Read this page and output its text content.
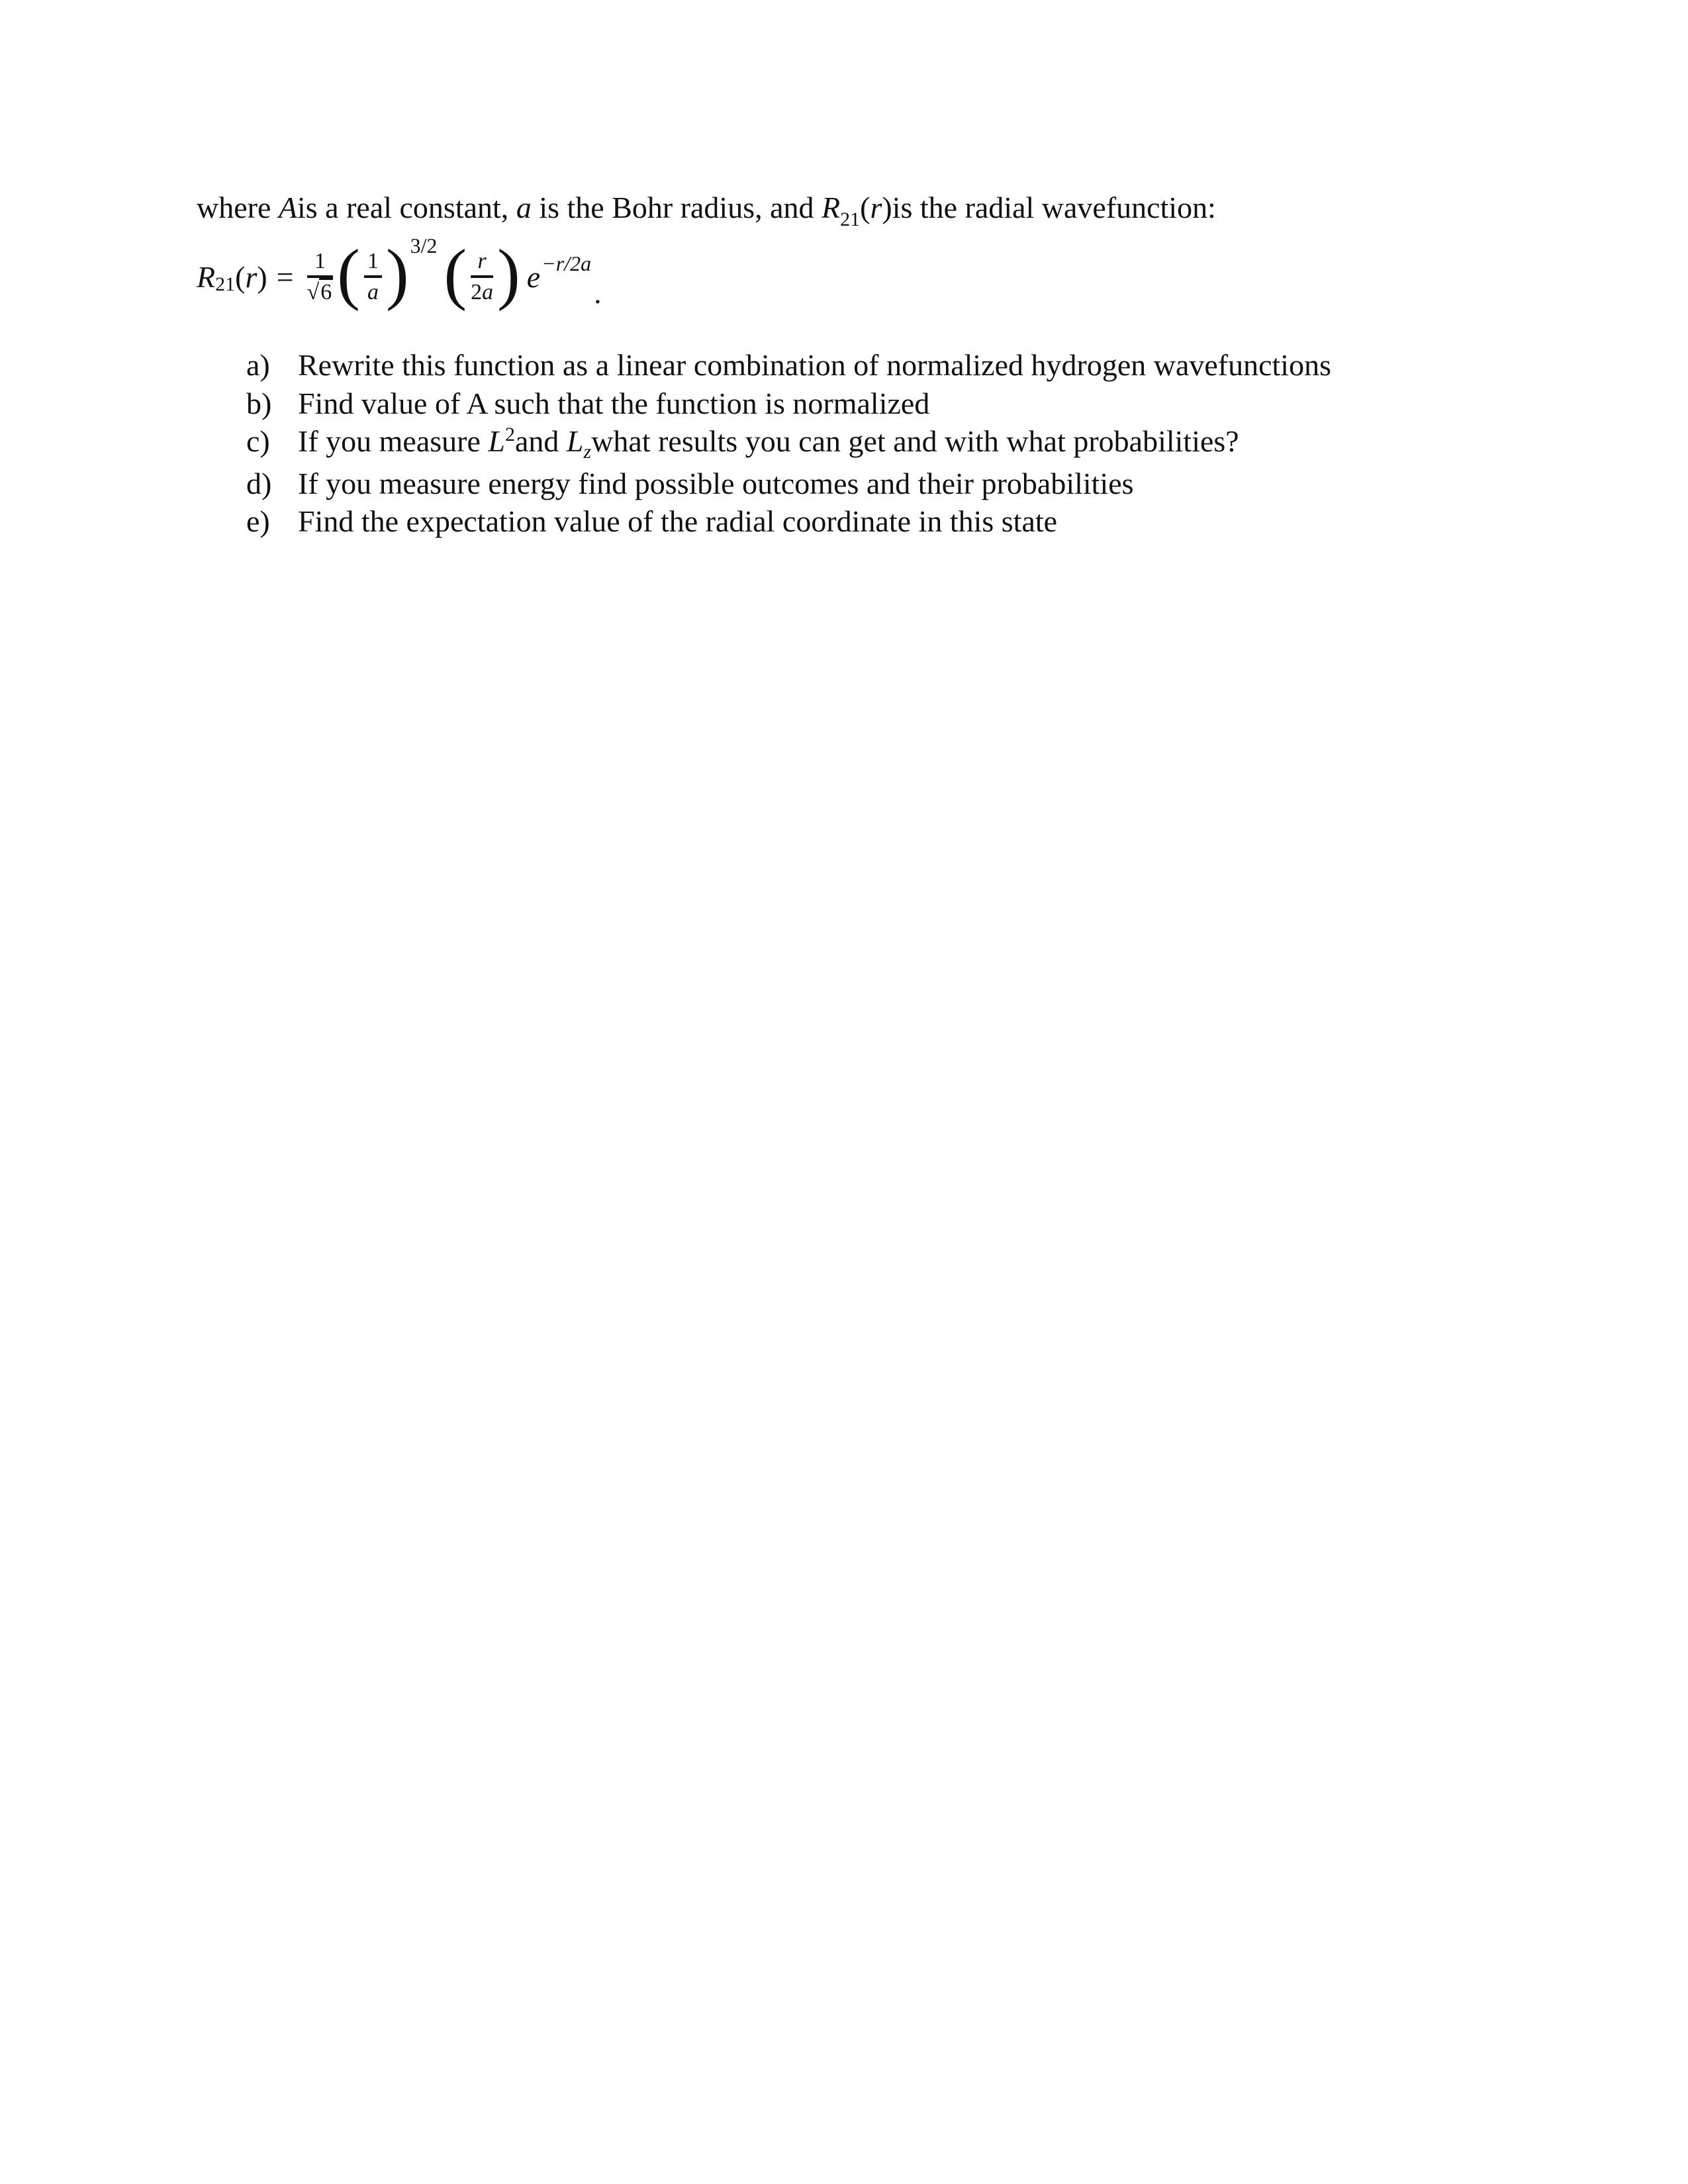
where Ais a real constant, a is the Bohr radius, and $R_{21}(r)is$ the radial wavefunction:
R 21 ( r ) = $\frac{1}{√6}$ ( $\frac{1}{a}$ ) 3/2 ( $\frac{r}{2a}$ ) e −r/2a
.
a) Rewrite this function as a linear combination of normalized hydrogen wavefunctions
b) Find value of A such that the function is normalized
c) If you measure $L^2and$ $L_zwhat$ results you can get and with what probabilities?
d) If you measure energy find possible outcomes and their probabilities
e) Find the expectation value of the radial coordinate in this state
